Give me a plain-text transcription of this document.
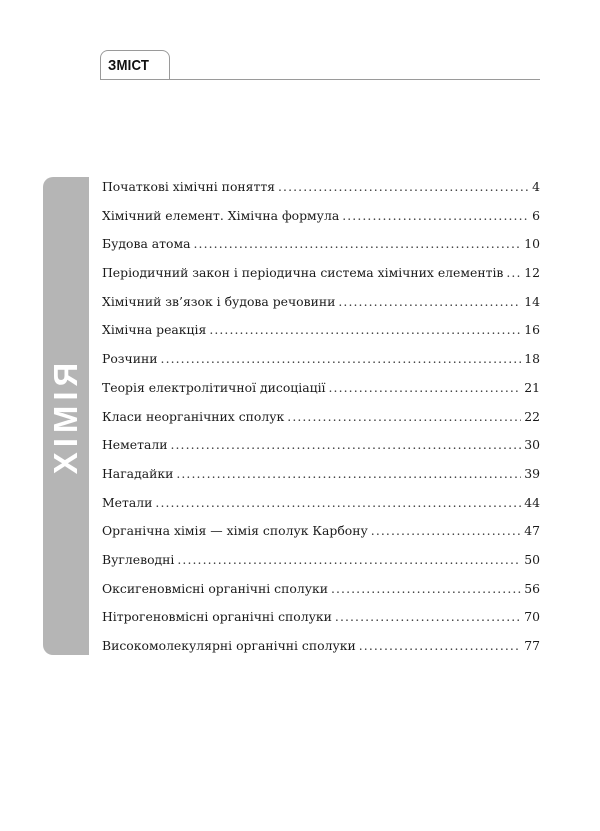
ЗМІСТ
ХІМІЯ
Початкові хімічні поняття .....	4
Хімічний елемент. Хімічна формула .....	6
Будова атома .....	10
Періодичний закон і періодична система хімічних елементів ..... 12
Хімічний зв’язок і будова речовини .....	14
Хімічна реакція .....	16
Розчини .....	18
Теорія електролітичної дисоціації .....	21
Класи неорганічних сполук .....	22
Неметали .....	30
Нагадайки .....	39
Метали .....	44
Органічна хімія — хімія сполук Карбону .....	47
Вуглеводні .....	50
Оксигеновмісні органічні сполуки .....	56
Нітрогеновмісні органічні сполуки .....	70
Високомолекулярні органічні сполуки .....	77
